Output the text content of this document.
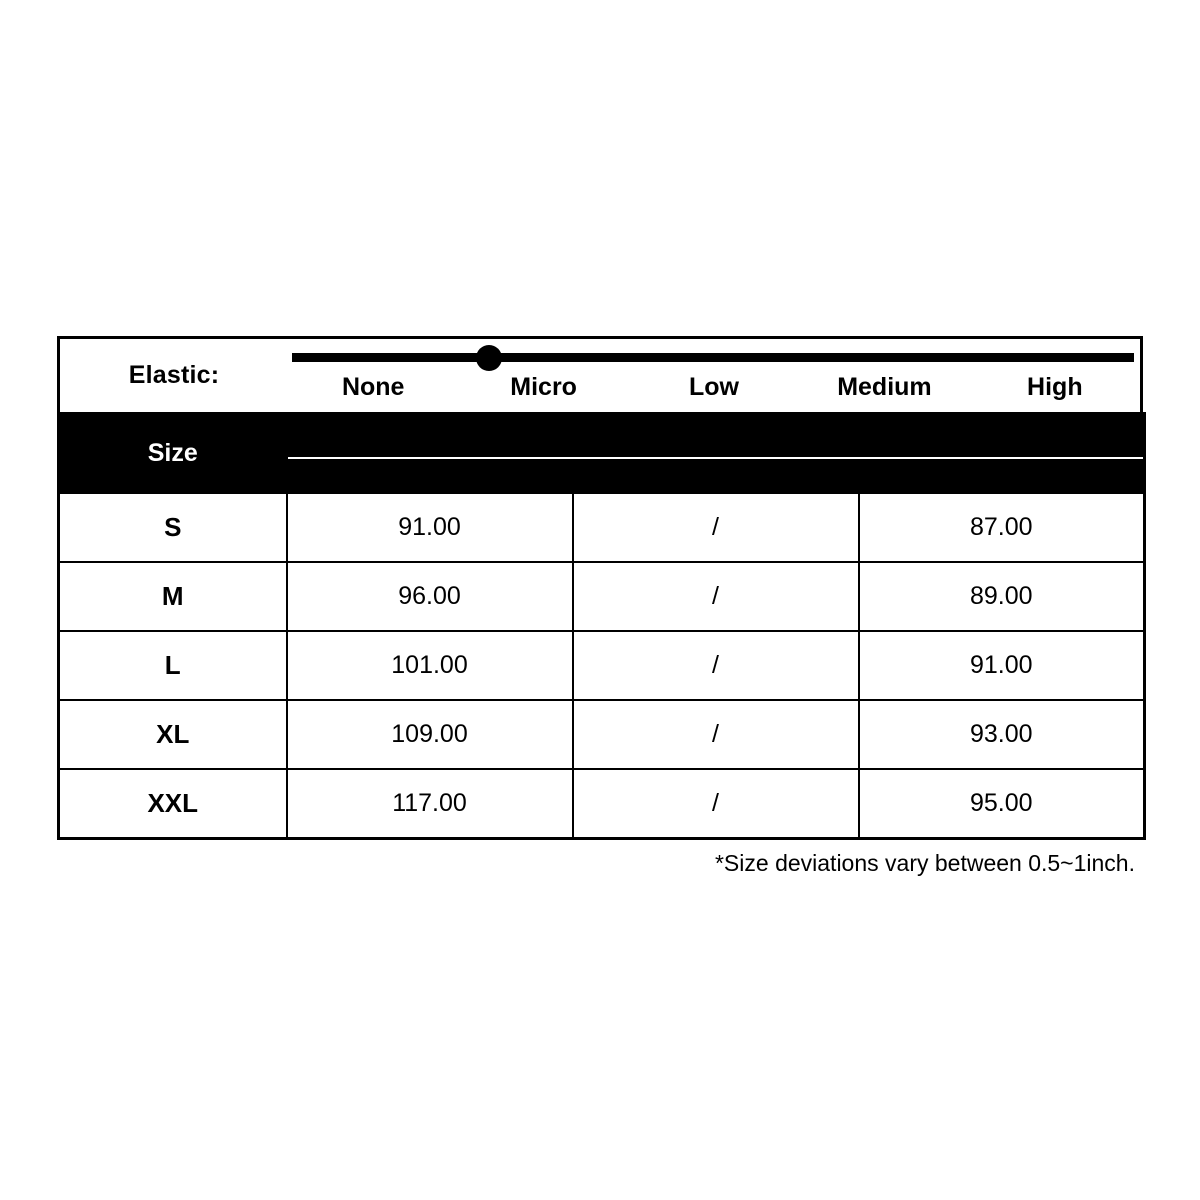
Elastic:	None	Micro	Low	Medium	High
Size	Bust	Sleeve	Length
	Cm	Cm	Cm
S	91.00	/	87.00
M	96.00	/	89.00
L	101.00	/	91.00
XL	109.00	/	93.00
XXL	117.00	/	95.00
*Size deviations vary between 0.5~1inch.
